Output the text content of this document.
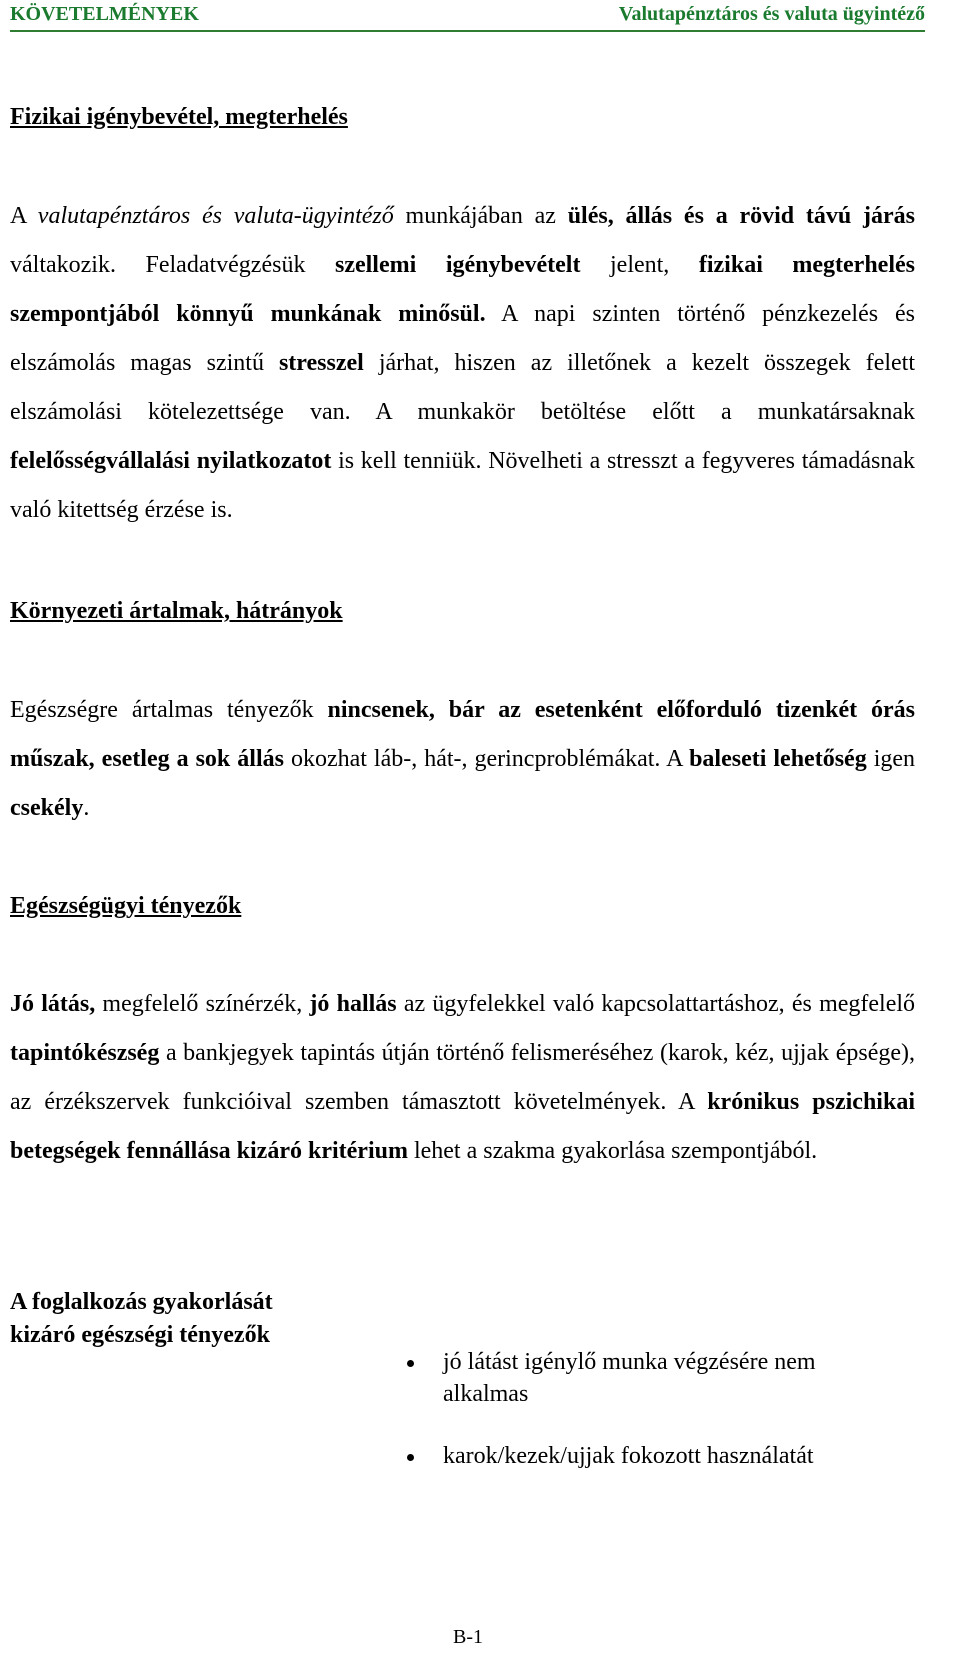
KÖVETELMÉNYEK	Valutapénztáros és valuta ügyintéző
Fizikai igénybevétel, megterhelés

A valutapénztáros és valuta-ügyintéző munkájában az ülés, állás és a rövid távú járás váltakozik. Feladatvégzésük szellemi igénybevételt jelent, fizikai megterhelés szempontjából könnyű munkának minősül. A napi szinten történő pénzkezelés és elszámolás magas szintű stresszel járhat, hiszen az illetőnek a kezelt összegek felett elszámolási kötelezettsége van. A munkakör betöltése előtt a munkatársaknak felelősségvállalási nyilatkozatot is kell tenniük. Növelheti a stresszt a fegyveres támadásnak való kitettség érzése is.

Környezeti ártalmak, hátrányok

Egészségre ártalmas tényezők nincsenek, bár az esetenként előforduló tizenkét órás műszak, esetleg a sok állás okozhat láb-, hát-, gerincproblémákat. A baleseti lehetőség igen csekély.

Egészségügyi tényezők

Jó látás, megfelelő színérzék, jó hallás az ügyfelekkel való kapcsolattartáshoz, és megfelelő tapintókészség a bankjegyek tapintás útján történő felismeréséhez (karok, kéz, ujjak épsége), az érzékszervek funkcióival szemben támasztott követelmények. A krónikus pszichikai betegségek fennállása kizáró kritérium lehet a szakma gyakorlása szempontjából.

A foglalkozás gyakorlását
kizáró egészségi tényezők
jó látást igénylő munka végzésére nem alkalmas
karok/kezek/ujjak fokozott használatát
B-1
